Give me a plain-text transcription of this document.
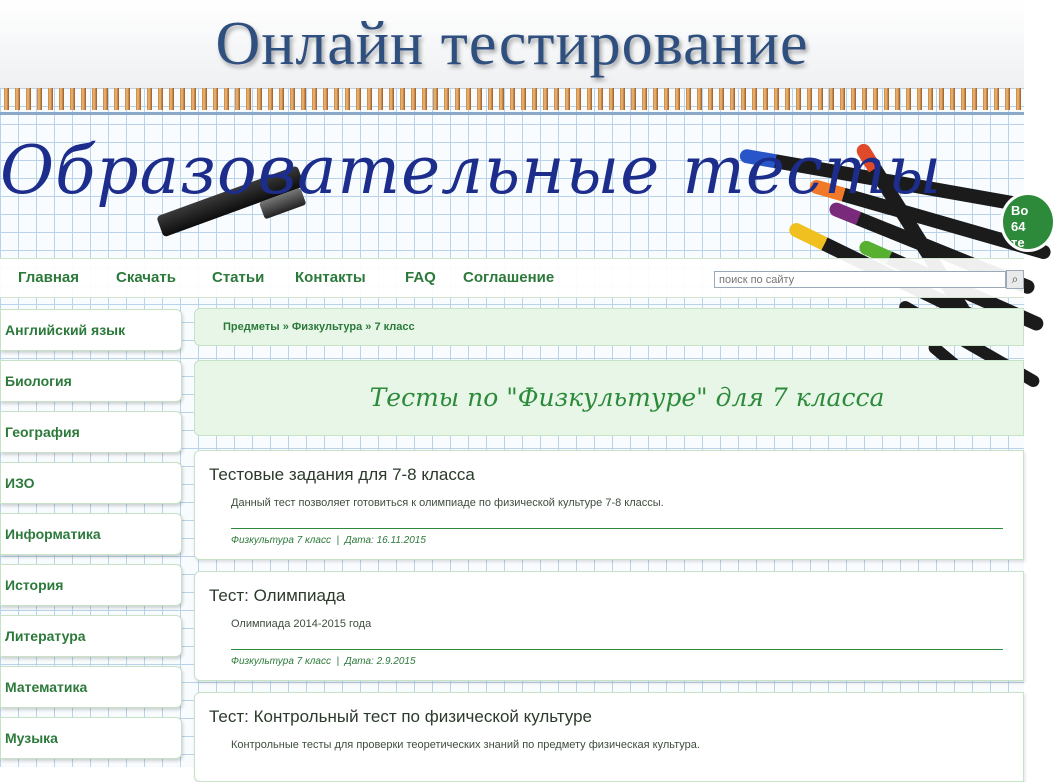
Онлайн тестирование
Образовательные тесты
Во
64
те
Главная Скачать Статьи Контакты	FAQ Соглашение
поиск по сайту	⌕
Английский язык
Биология
География
ИЗО
Информатика
История
Литература
Математика
Музыка
Предметы » Физкультура » 7 класс
Тесты по "Физкультуре" для 7 класса
Тестовые задания для 7-8 класса
Данный тест позволяет готовиться к олимпиаде по физической культуре 7-8 классы.
Физкультура 7 класс  |  Дата: 16.11.2015
Тест: Олимпиада
Олимпиада 2014-2015 года
Физкультура 7 класс  |  Дата: 2.9.2015
Тест: Контрольный тест по физической культуре
Контрольные тесты для проверки теоретических знаний по предмету физическая культура.
